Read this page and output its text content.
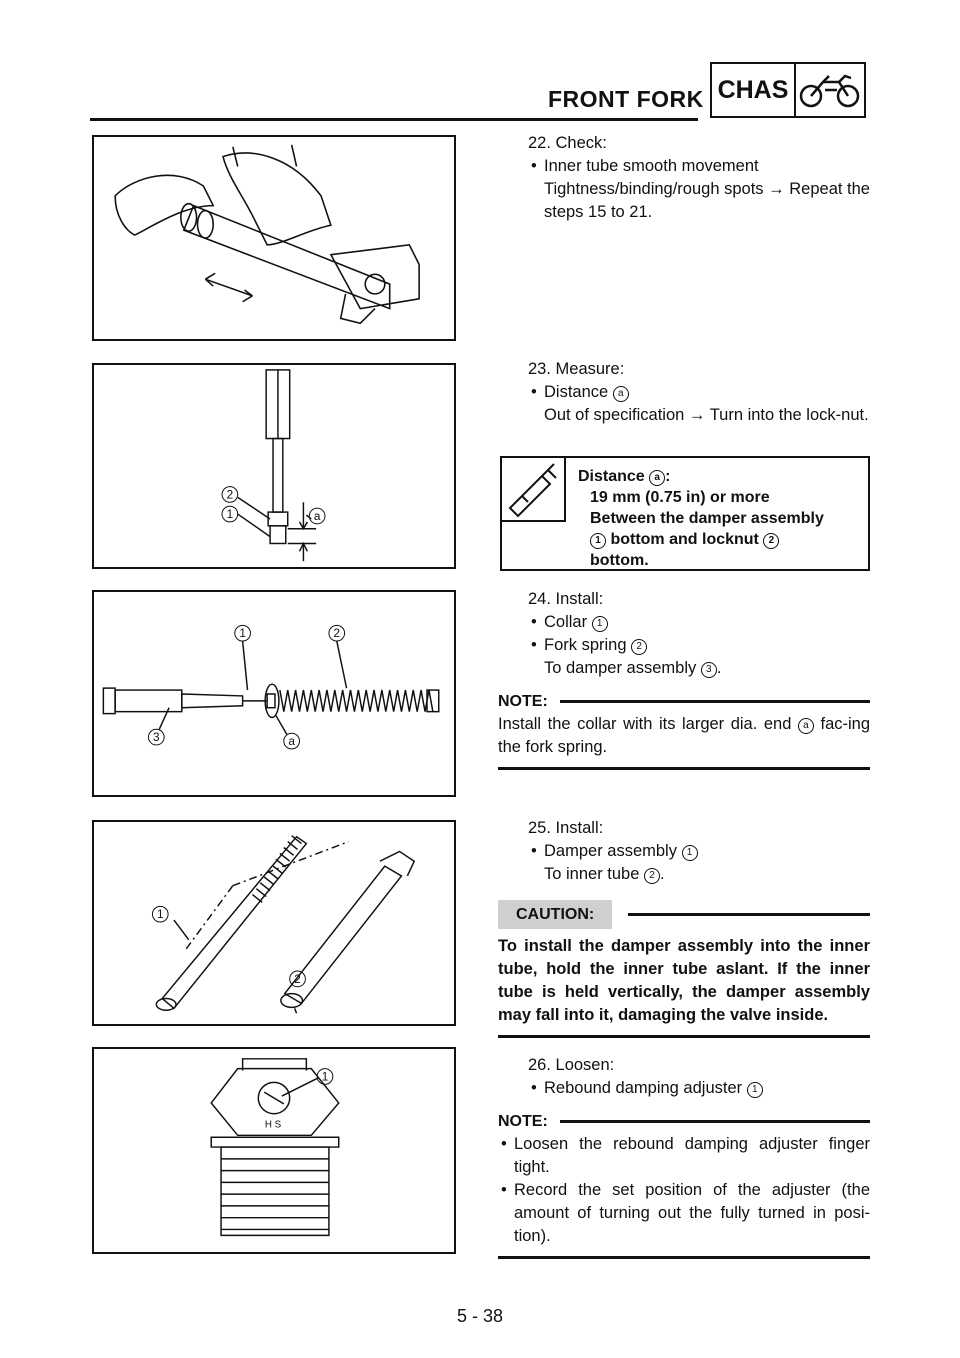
FRONT FORK CHAS
2
1	a
1	2
3	a
1
2
H S
1
22. Check:
• Inner tube smooth movement
Tightness/binding/rough spots → Repeat the steps 15 to 21.
23. Measure:
• Distance a
Out of specification → Turn into the lock-nut.
Distance a :
19 mm (0.75 in) or more
Between the damper assembly
1 bottom and locknut 2
bottom.
24. Install:
• Collar 1
• Fork spring 2
To damper assembly 3 .
NOTE:
Install the collar with its larger dia. end a fac-ing the fork spring.
25. Install:
• Damper assembly 1
To inner tube 2 .
CAUTION:
To install the damper assembly into the inner tube, hold the inner tube aslant. If the inner tube is held vertically, the damper assembly may fall into it, damaging the valve inside.
26. Loosen:
• Rebound damping adjuster 1
NOTE:
• Loosen the rebound damping adjuster finger tight.
• Record the set position of the adjuster (the amount of turning out the fully turned in posi-tion).
5 - 38
